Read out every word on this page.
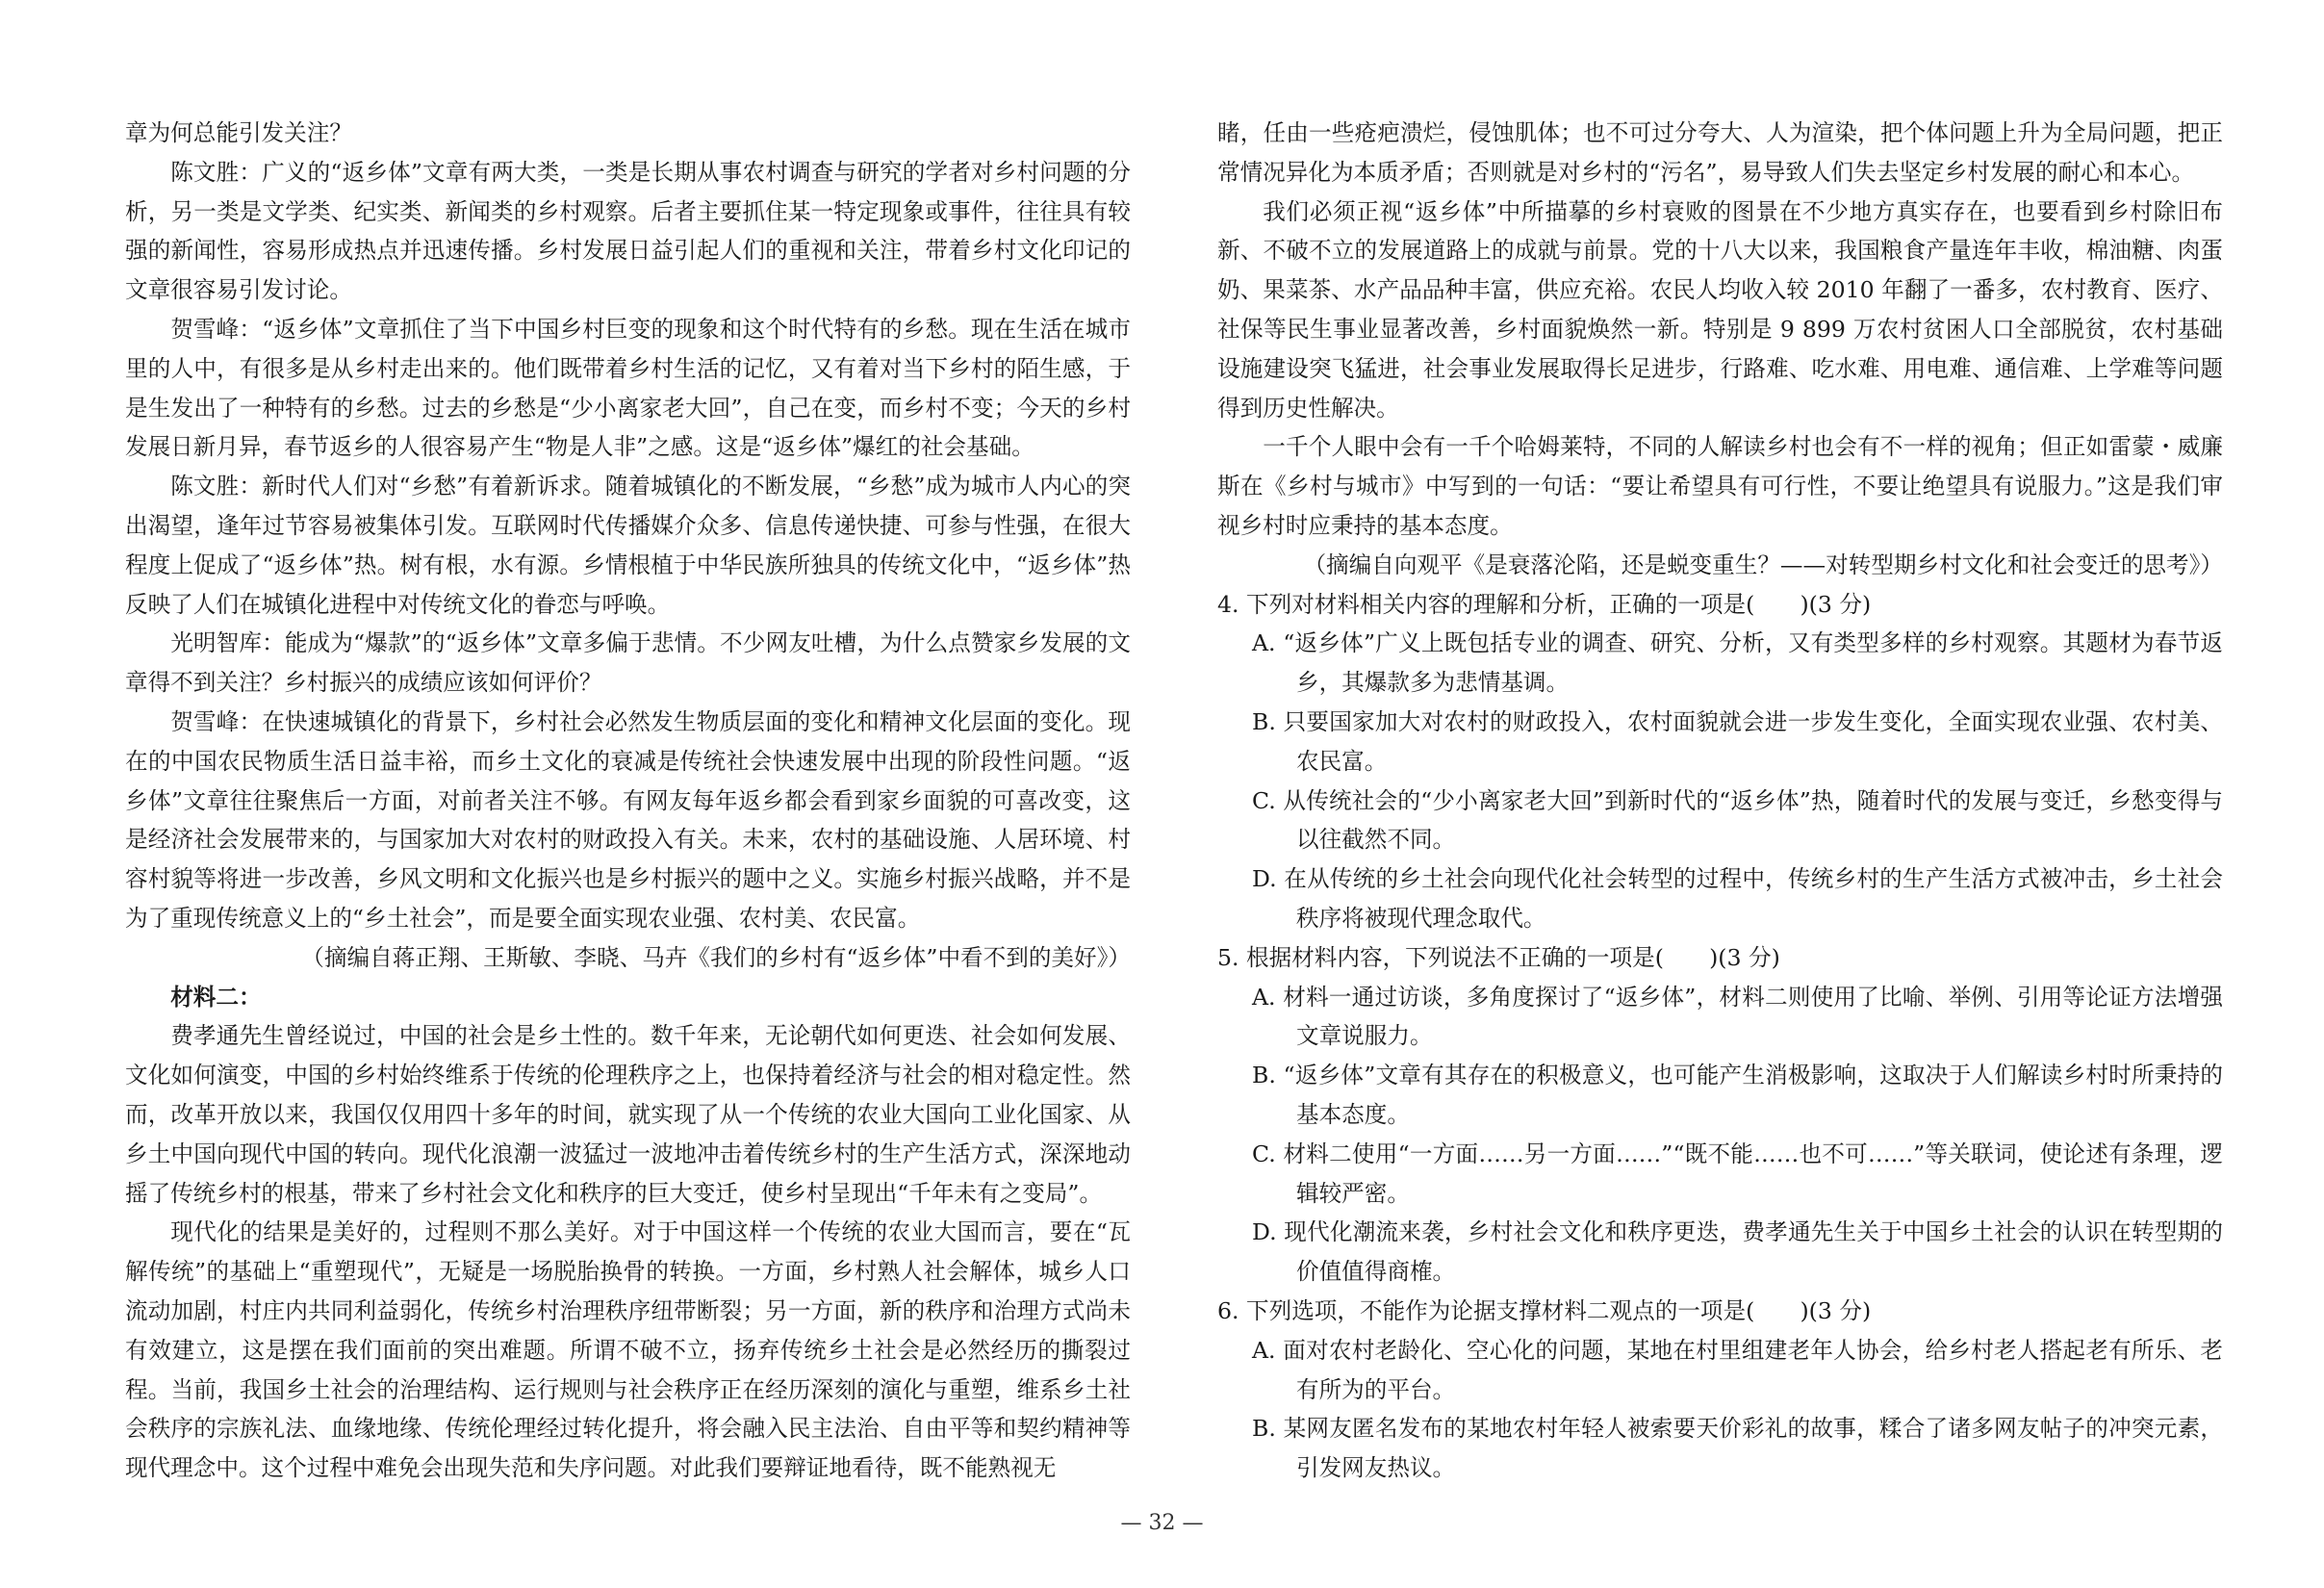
章为何总能引发关注？

陈文胜：广义的“返乡体”文章有两大类，一类是长期从事农村调查与研究的学者对乡村问题的分析，另一类是文学类、纪实类、新闻类的乡村观察。后者主要抓住某一特定现象或事件，往往具有较强的新闻性，容易形成热点并迅速传播。乡村发展日益引起人们的重视和关注，带着乡村文化印记的文章很容易引发讨论。

贺雪峰：“返乡体”文章抓住了当下中国乡村巨变的现象和这个时代特有的乡愁。现在生活在城市里的人中，有很多是从乡村走出来的。他们既带着乡村生活的记忆，又有着对当下乡村的陌生感，于是生发出了一种特有的乡愁。过去的乡愁是“少小离家老大回”，自己在变，而乡村不变；今天的乡村发展日新月异，春节返乡的人很容易产生“物是人非”之感。这是“返乡体”爆红的社会基础。

陈文胜：新时代人们对“乡愁”有着新诉求。随着城镇化的不断发展，“乡愁”成为城市人内心的突出渴望，逢年过节容易被集体引发。互联网时代传播媒介众多、信息传递快捷、可参与性强，在很大程度上促成了“返乡体”热。树有根，水有源。乡情根植于中华民族所独具的传统文化中，“返乡体”热反映了人们在城镇化进程中对传统文化的眷恋与呼唤。

光明智库：能成为“爆款”的“返乡体”文章多偏于悲情。不少网友吐槽，为什么点赞家乡发展的文章得不到关注？乡村振兴的成绩应该如何评价？

贺雪峰：在快速城镇化的背景下，乡村社会必然发生物质层面的变化和精神文化层面的变化。现在的中国农民物质生活日益丰裕，而乡土文化的衰减是传统社会快速发展中出现的阶段性问题。“返乡体”文章往往聚焦后一方面，对前者关注不够。有网友每年返乡都会看到家乡面貌的可喜改变，这是经济社会发展带来的，与国家加大对农村的财政投入有关。未来，农村的基础设施、人居环境、村容村貌等将进一步改善，乡风文明和文化振兴也是乡村振兴的题中之义。实施乡村振兴战略，并不是为了重现传统意义上的“乡土社会”，而是要全面实现农业强、农村美、农民富。

（摘编自蒋正翔、王斯敏、李晓、马卉《我们的乡村有“返乡体”中看不到的美好》）

材料二：

费孝通先生曾经说过，中国的社会是乡土性的。数千年来，无论朝代如何更迭、社会如何发展、文化如何演变，中国的乡村始终维系于传统的伦理秩序之上，也保持着经济与社会的相对稳定性。然而，改革开放以来，我国仅仅用四十多年的时间，就实现了从一个传统的农业大国向工业化国家、从乡土中国向现代中国的转向。现代化浪潮一波猛过一波地冲击着传统乡村的生产生活方式，深深地动摇了传统乡村的根基，带来了乡村社会文化和秩序的巨大变迁，使乡村呈现出“千年未有之变局”。

现代化的结果是美好的，过程则不那么美好。对于中国这样一个传统的农业大国而言，要在“瓦解传统”的基础上“重塑现代”，无疑是一场脱胎换骨的转换。一方面，乡村熟人社会解体，城乡人口流动加剧，村庄内共同利益弱化，传统乡村治理秩序纽带断裂；另一方面，新的秩序和治理方式尚未有效建立，这是摆在我们面前的突出难题。所谓不破不立，扬弃传统乡土社会是必然经历的撕裂过程。当前，我国乡土社会的治理结构、运行规则与社会秩序正在经历深刻的演化与重塑，维系乡土社会秩序的宗族礼法、血缘地缘、传统伦理经过转化提升，将会融入民主法治、自由平等和契约精神等现代理念中。这个过程中难免会出现失范和失序问题。对此我们要辩证地看待，既不能熟视无

睹，任由一些疮疤溃烂，侵蚀肌体；也不可过分夸大、人为渲染，把个体问题上升为全局问题，把正常情况异化为本质矛盾；否则就是对乡村的“污名”，易导致人们失去坚定乡村发展的耐心和本心。

我们必须正视“返乡体”中所描摹的乡村衰败的图景在不少地方真实存在，也要看到乡村除旧布新、不破不立的发展道路上的成就与前景。党的十八大以来，我国粮食产量连年丰收，棉油糖、肉蛋奶、果菜茶、水产品品种丰富，供应充裕。农民人均收入较 2010 年翻了一番多，农村教育、医疗、社保等民生事业显著改善，乡村面貌焕然一新。特别是 9 899 万农村贫困人口全部脱贫，农村基础设施建设突飞猛进，社会事业发展取得长足进步，行路难、吃水难、用电难、通信难、上学难等问题得到历史性解决。

一千个人眼中会有一千个哈姆莱特，不同的人解读乡村也会有不一样的视角；但正如雷蒙・威廉斯在《乡村与城市》中写到的一句话：“要让希望具有可行性，不要让绝望具有说服力。”这是我们审视乡村时应秉持的基本态度。

（摘编自向观平《是衰落沦陷，还是蜕变重生？——对转型期乡村文化和社会变迁的思考》）

4. 下列对材料相关内容的理解和分析，正确的一项是(　　)(3 分)

A. “返乡体”广义上既包括专业的调查、研究、分析，又有类型多样的乡村观察。其题材为春节返乡，其爆款多为悲情基调。

B. 只要国家加大对农村的财政投入，农村面貌就会进一步发生变化，全面实现农业强、农村美、农民富。

C. 从传统社会的“少小离家老大回”到新时代的“返乡体”热，随着时代的发展与变迁，乡愁变得与以往截然不同。

D. 在从传统的乡土社会向现代化社会转型的过程中，传统乡村的生产生活方式被冲击，乡土社会秩序将被现代理念取代。

5. 根据材料内容，下列说法不正确的一项是(　　)(3 分)

A. 材料一通过访谈，多角度探讨了“返乡体”，材料二则使用了比喻、举例、引用等论证方法增强文章说服力。

B. “返乡体”文章有其存在的积极意义，也可能产生消极影响，这取决于人们解读乡村时所秉持的基本态度。

C. 材料二使用“一方面……另一方面……”“既不能……也不可……”等关联词，使论述有条理，逻辑较严密。

D. 现代化潮流来袭，乡村社会文化和秩序更迭，费孝通先生关于中国乡土社会的认识在转型期的价值值得商榷。

6. 下列选项，不能作为论据支撑材料二观点的一项是(　　)(3 分)

A. 面对农村老龄化、空心化的问题，某地在村里组建老年人协会，给乡村老人搭起老有所乐、老有所为的平台。

B. 某网友匿名发布的某地农村年轻人被索要天价彩礼的故事，糅合了诸多网友帖子的冲突元素，引发网友热议。

— 32 —
